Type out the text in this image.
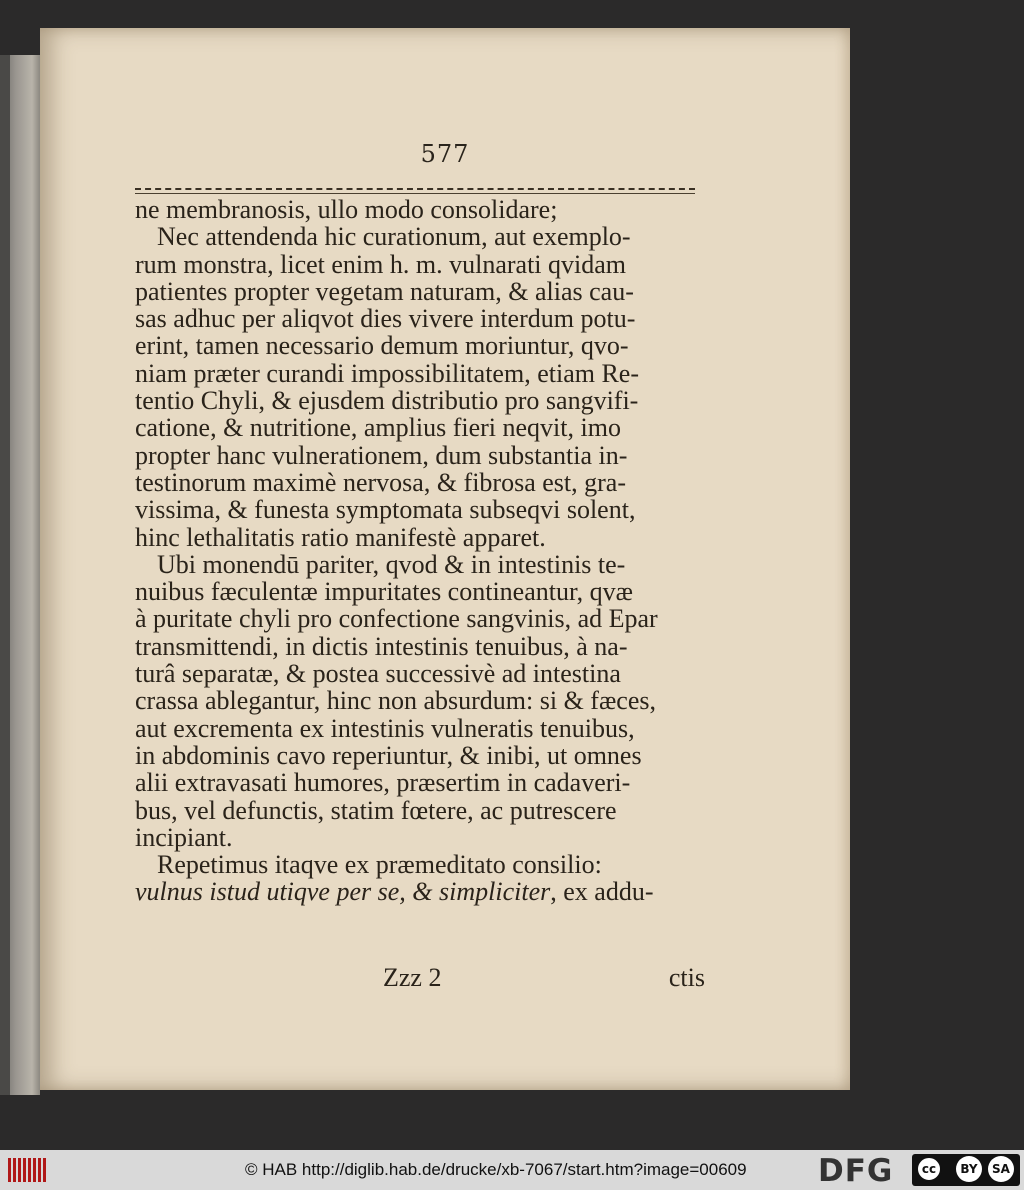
577
ne membranosis, ullo modo consolidare;
Nec attendenda hic curationum, aut exemplo-
rum monstra, licet enim h. m. vulnarati qvidam
patientes propter vegetam naturam, & alias cau-
sas adhuc per aliqvot dies vivere interdum potu-
erint, tamen necessario demum moriuntur, qvo-
niam præter curandi impossibilitatem, etiam Re-
tentio Chyli, & ejusdem distributio pro sangvifi-
catione, & nutritione, amplius fieri neqvit, imo
propter hanc vulnerationem, dum substantia in-
testinorum maximè nervosa, & fibrosa est, gra-
vissima, & funesta symptomata subseqvi solent,
hinc lethalitatis ratio manifestè apparet.
Ubi monendū pariter, qvod & in intestinis te-
nuibus fæculentæ impuritates contineantur, qvæ
à puritate chyli pro confectione sangvinis, ad Epar
transmittendi, in dictis intestinis tenuibus, à na-
turâ separatæ, & postea successivè ad intestina
crassa ablegantur, hinc non absurdum: si & fæces,
aut excrementa ex intestinis vulneratis tenuibus,
in abdominis cavo reperiuntur, & inibi, ut omnes
alii extravasati humores, præsertim in cadaveri-
bus, vel defunctis, statim fœtere, ac putrescere
incipiant.
Repetimus itaqve ex præmeditato consilio:
vulnus istud utiqve per se, & simpliciter, ex addu-
Zzz 2	ctis
© HAB http://diglib.hab.de/drucke/xb-7067/start.htm?image=00609 DFG	cc	BY	SA
